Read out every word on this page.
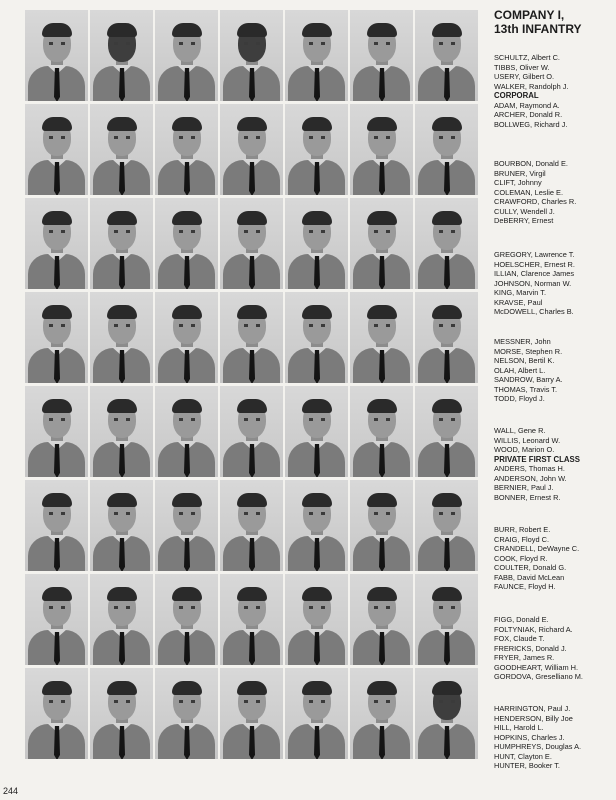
COMPANY I,
13th INFANTRY
SCHULTZ, Albert C.
TIBBS, Oliver W.
USERY, Gilbert O.
WALKER, Randolph J.
CORPORAL
ADAM, Raymond A.
ARCHER, Donald R.
BOLLWEG, Richard J.
BOURBON, Donald E.
BRUNER, Virgil
CLIFT, Johnny
COLEMAN, Leslie E.
CRAWFORD, Charles R.
CULLY, Wendell J.
DeBERRY, Ernest
GREGORY, Lawrence T.
HOELSCHER, Ernest R.
ILLIAN, Clarence James
JOHNSON, Norman W.
KING, Marvin T.
KRAVSE, Paul
McDOWELL, Charles B.
MESSNER, John
MORSE, Stephen R.
NELSON, Bertil K.
OLAH, Albert L.
SANDROW, Barry A.
THOMAS, Travis T.
TODD, Floyd J.
WALL, Gene R.
WILLIS, Leonard W.
WOOD, Marion O.
PRIVATE FIRST CLASS
ANDERS, Thomas H.
ANDERSON, John W.
BERNIER, Paul J.
BONNER, Ernest R.
BURR, Robert E.
CRAIG, Floyd C.
CRANDELL, DeWayne C.
COOK, Floyd R.
COULTER, Donald G.
FABB, David McLean
FAUNCE, Floyd H.
FIGG, Donald E.
FOLTYNIAK, Richard A.
FOX, Claude T.
FRERICKS, Donald J.
FRYER, James R.
GOODHEART, William H.
GORDOVA, Greselliano M.
HARRINGTON, Paul J.
HENDERSON, Billy Joe
HILL, Harold L.
HOPKINS, Charles J.
HUMPHREYS, Douglas A.
HUNT, Clayton E.
HUNTER, Booker T.
244
